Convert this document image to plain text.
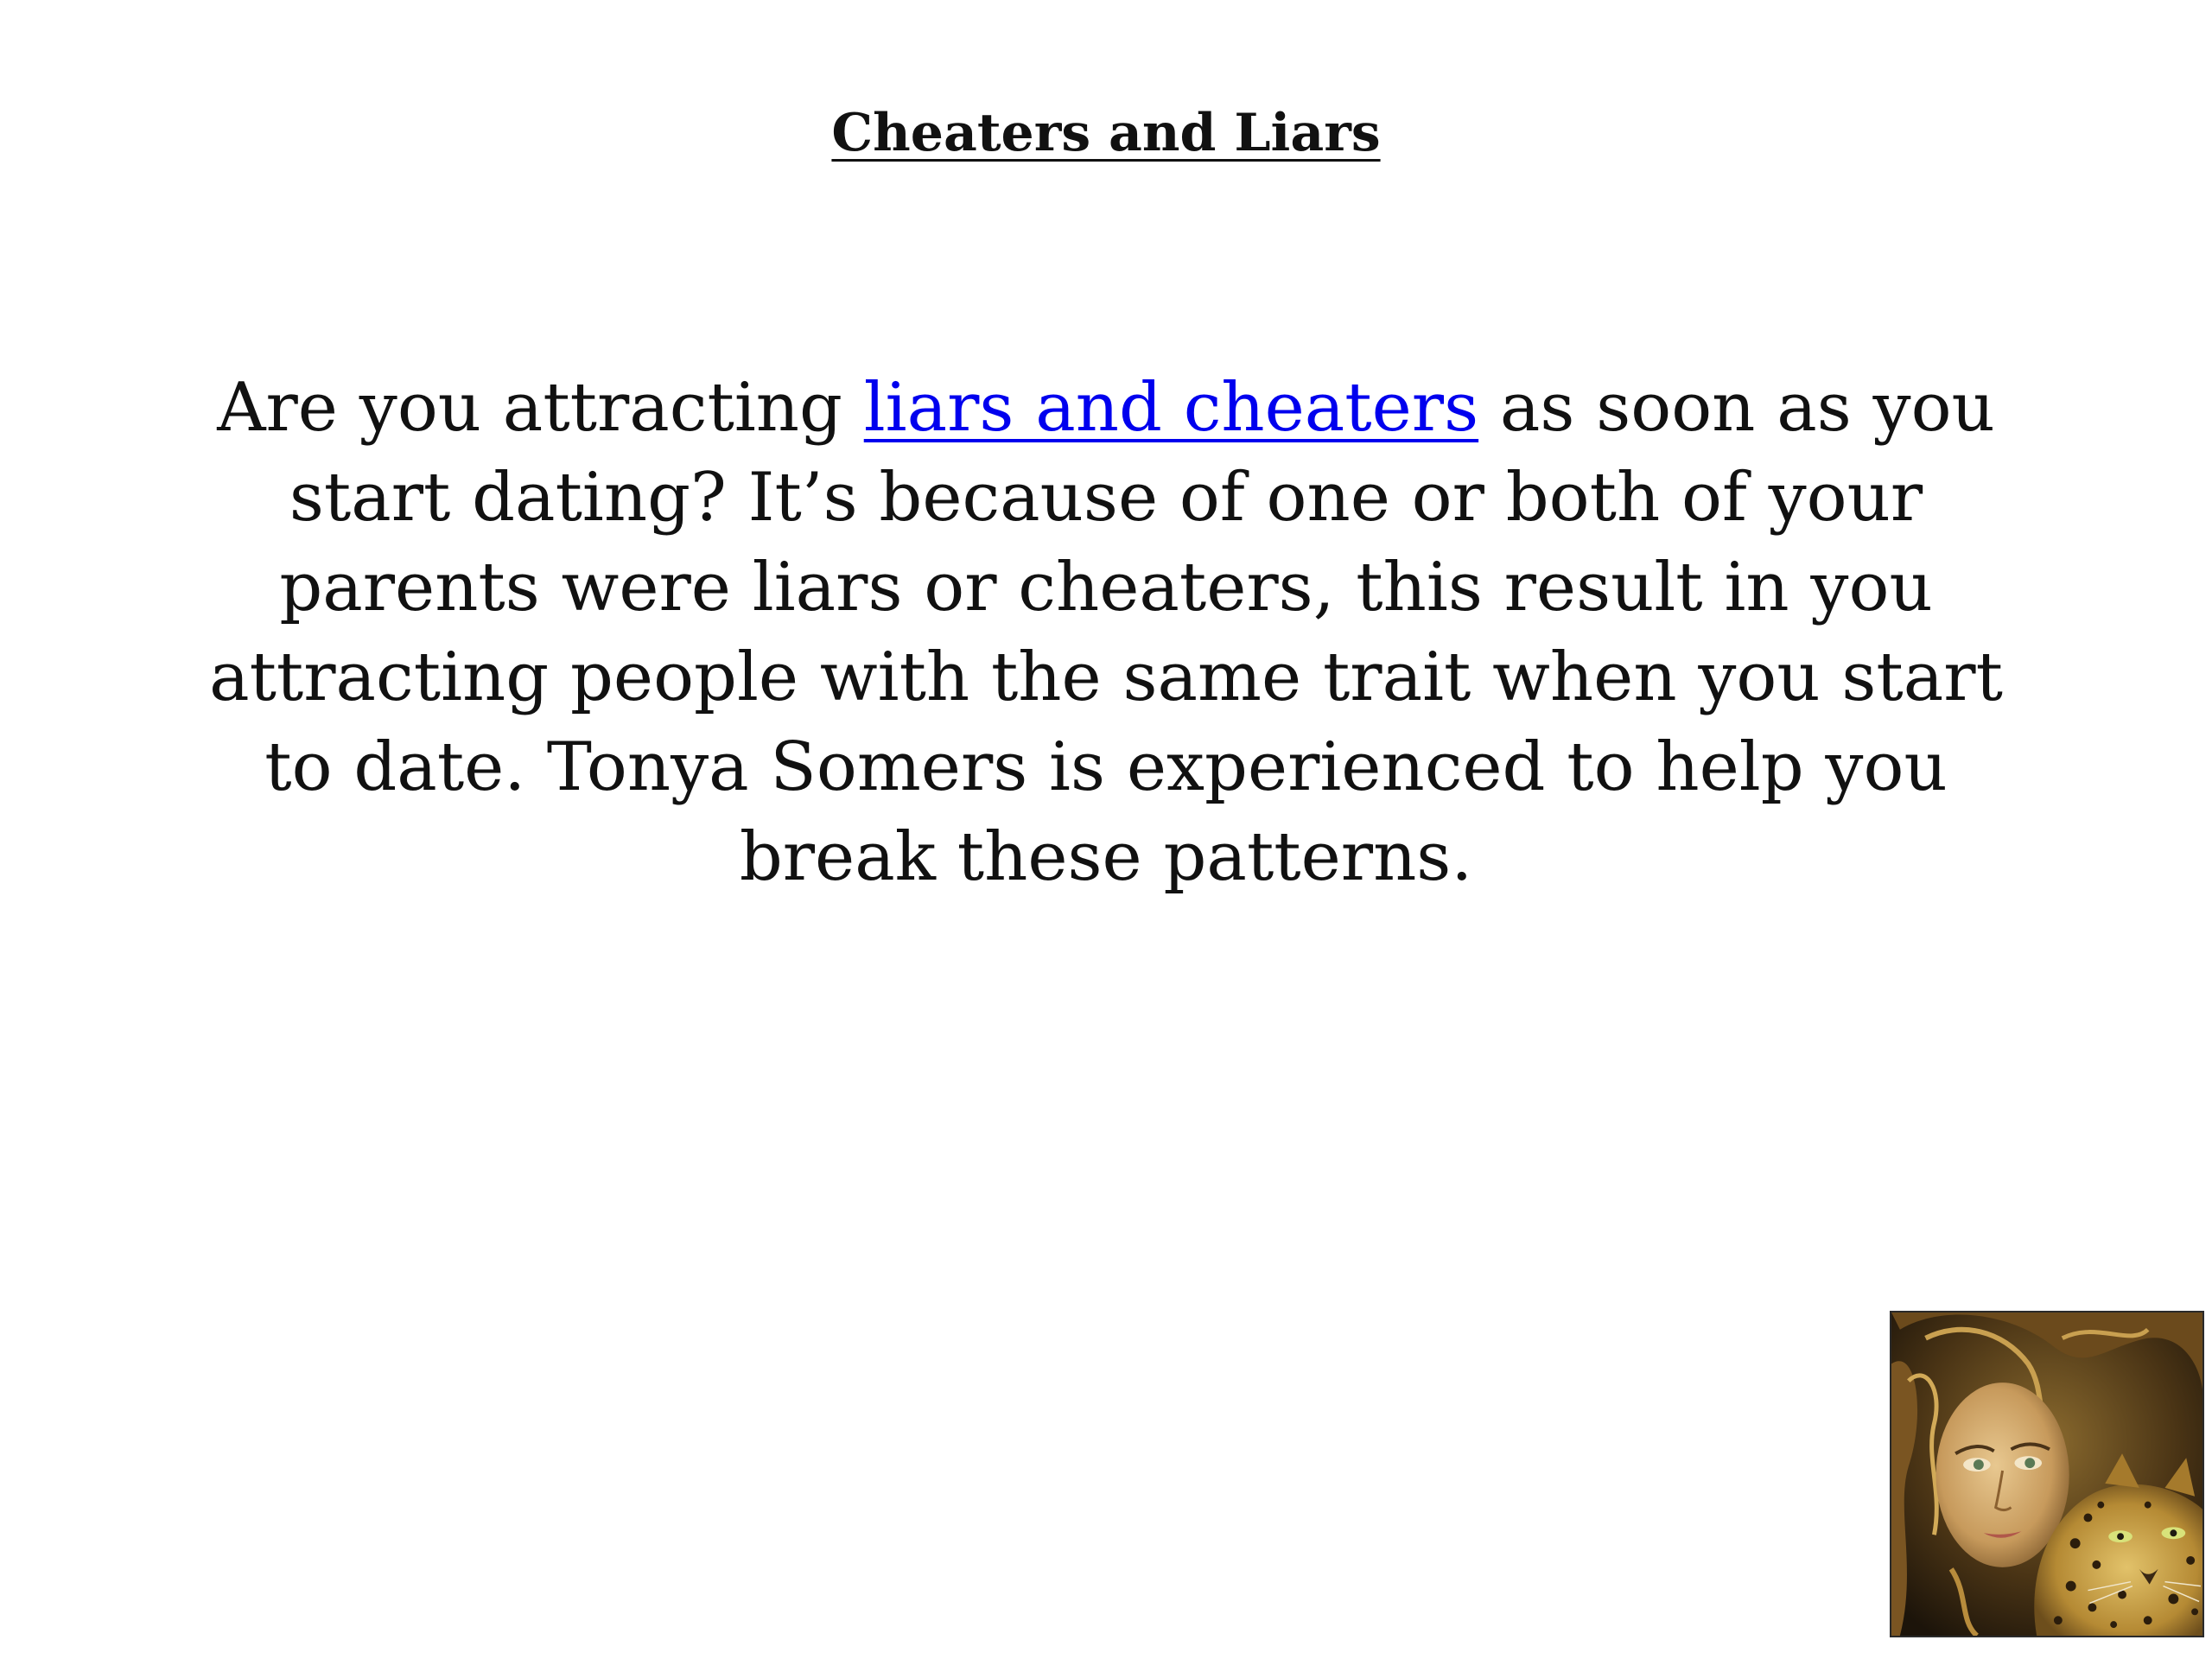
Cheaters and Liars
Are you attracting liars and cheaters as soon as you start dating? It’s because of one or both of your parents were liars or cheaters, this result in you attracting people with the same trait when you start to date. Tonya Somers is experienced to help you break these patterns.
